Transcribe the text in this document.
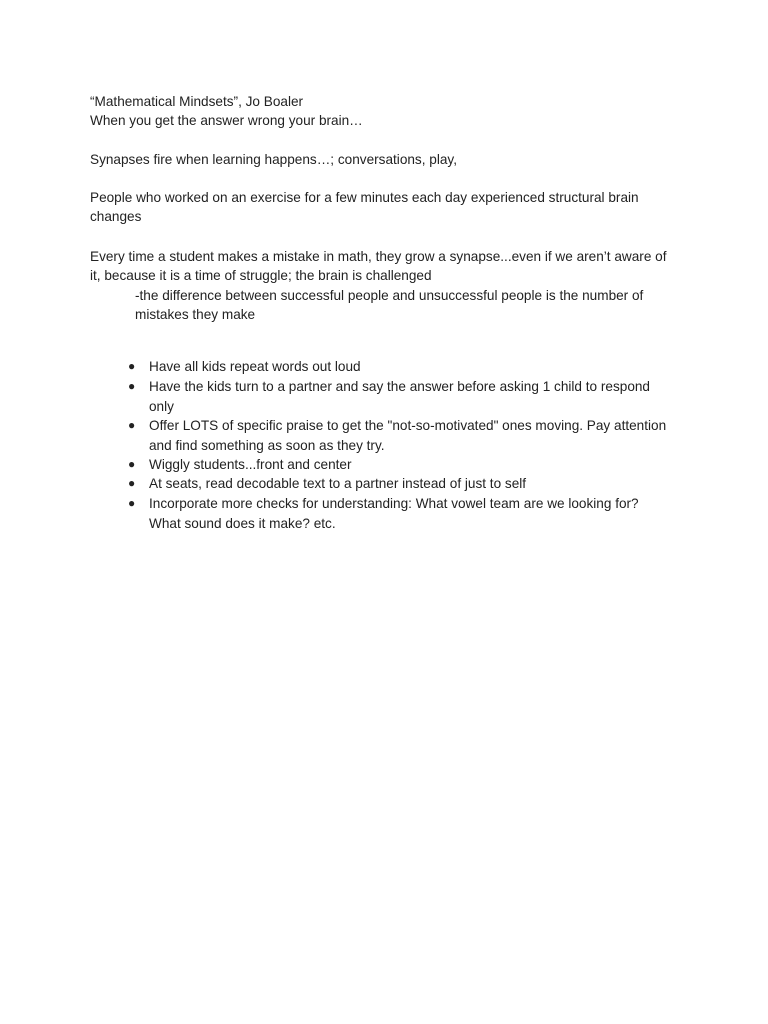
“Mathematical Mindsets”, Jo Boaler
When you get the answer wrong your brain…
Synapses fire when learning happens…; conversations, play,
People who worked on an exercise for a few minutes each day experienced structural brain
changes
Every time a student makes a mistake in math, they grow a synapse...even if we aren’t aware of
it, because it is a time of struggle; the brain is challenged
-the difference between successful people and unsuccessful people is the number of
mistakes they make
● Have all kids repeat words out loud
● Have the kids turn to a partner and say the answer before asking 1 child to respond
only
● Offer LOTS of specific praise to get the "not-so-motivated" ones moving. Pay attention
and find something as soon as they try.
● Wiggly students...front and center
● At seats, read decodable text to a partner instead of just to self
● Incorporate more checks for understanding: What vowel team are we looking for?
What sound does it make? etc.
